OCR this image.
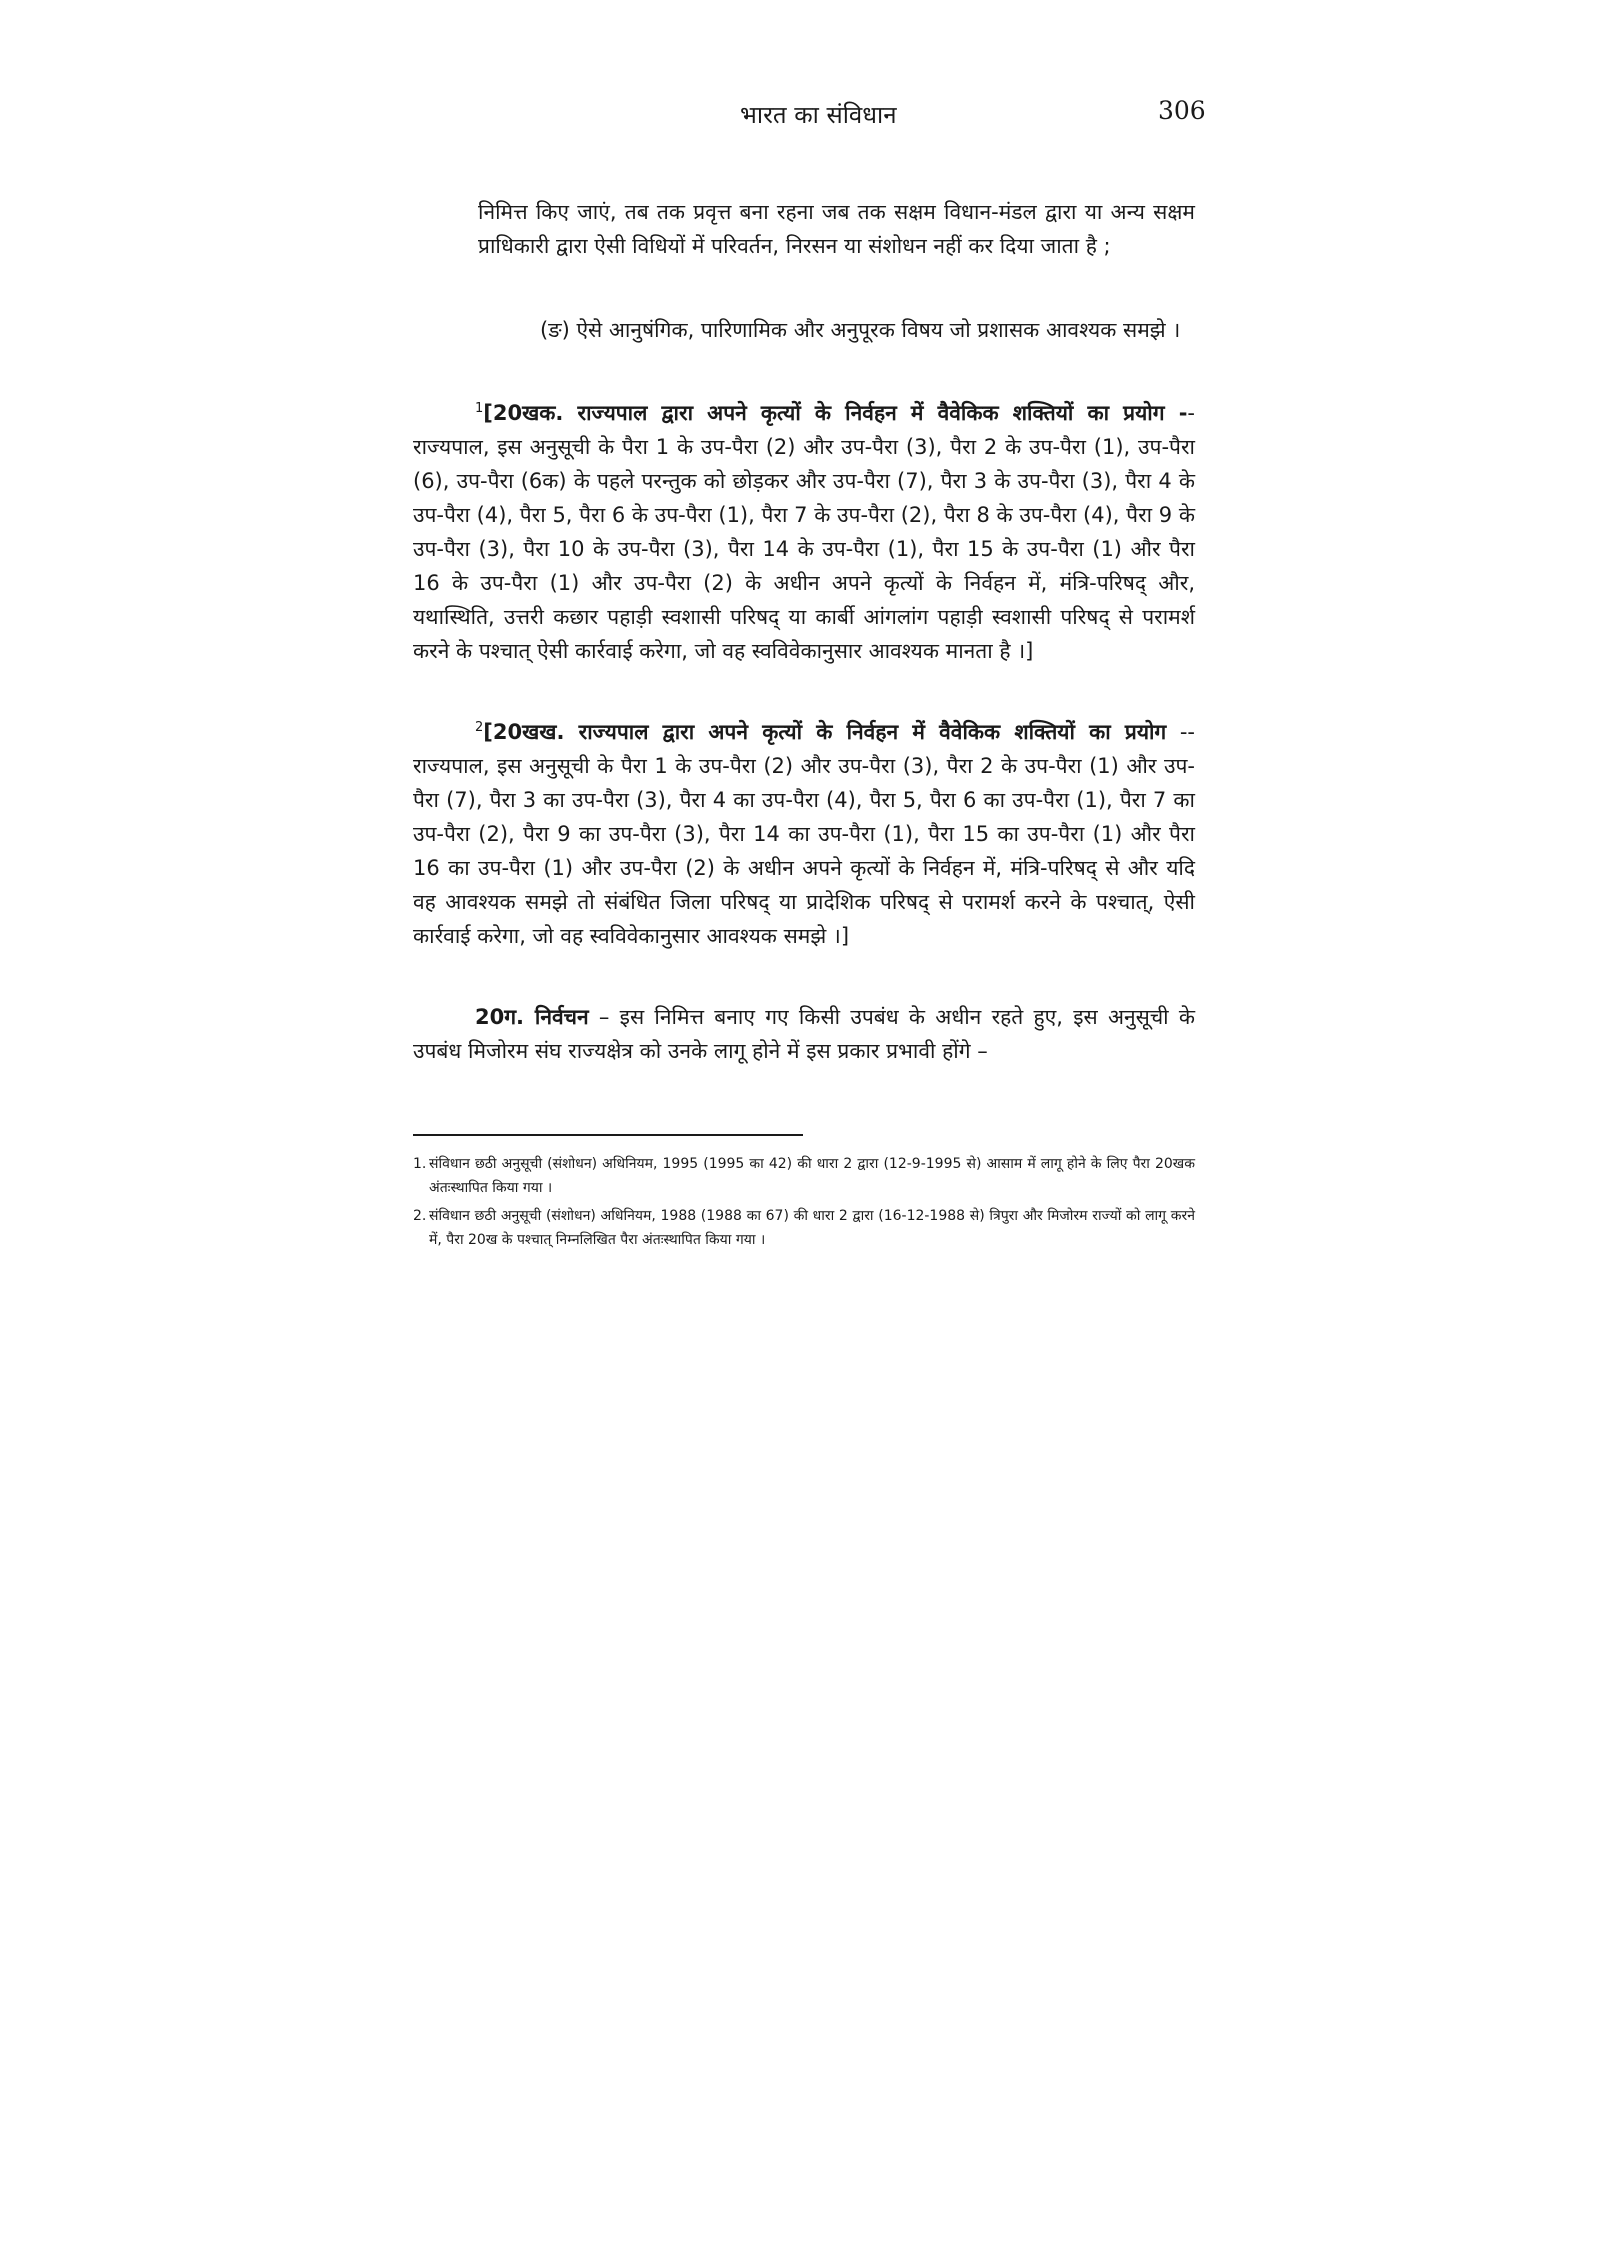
भारत का संविधान	306

निमित्त किए जाएं, तब तक प्रवृत्त बना रहना जब तक सक्षम विधान-मंडल द्वारा या अन्य सक्षम प्राधिकारी द्वारा ऐसी विधियों में परिवर्तन, निरसन या संशोधन नहीं कर दिया जाता है ;

(ङ) ऐसे आनुषंगिक, पारिणामिक और अनुपूरक विषय जो प्रशासक आवश्यक समझे ।

$^1$[20खक. राज्यपाल द्वारा अपने कृत्यों के निर्वहन में वैवेकिक शक्तियों का प्रयोग -- राज्यपाल, इस अनुसूची के पैरा 1 के उप-पैरा (2) और उप-पैरा (3), पैरा 2 के उप-पैरा (1), उप-पैरा (6), उप-पैरा (6क) के पहले परन्तुक को छोड़कर और उप-पैरा (7), पैरा 3 के उप-पैरा (3), पैरा 4 के उप-पैरा (4), पैरा 5, पैरा 6 के उप-पैरा (1), पैरा 7 के उप-पैरा (2), पैरा 8 के उप-पैरा (4), पैरा 9 के उप-पैरा (3), पैरा 10 के उप-पैरा (3), पैरा 14 के उप-पैरा (1), पैरा 15 के उप-पैरा (1) और पैरा 16 के उप-पैरा (1) और उप-पैरा (2) के अधीन अपने कृत्यों के निर्वहन में, मंत्रि-परिषद् और, यथास्थिति, उत्तरी कछार पहाड़ी स्वशासी परिषद् या कार्बी आंगलांग पहाड़ी स्वशासी परिषद् से परामर्श करने के पश्चात् ऐसी कार्रवाई करेगा, जो वह स्वविवेकानुसार आवश्यक मानता है ।]

$^2$[20खख. राज्यपाल द्वारा अपने कृत्यों के निर्वहन में वैवेकिक शक्तियों का प्रयोग -- राज्यपाल, इस अनुसूची के पैरा 1 के उप-पैरा (2) और उप-पैरा (3), पैरा 2 के उप-पैरा (1) और उप-पैरा (7), पैरा 3 का उप-पैरा (3), पैरा 4 का उप-पैरा (4), पैरा 5, पैरा 6 का उप-पैरा (1), पैरा 7 का उप-पैरा (2), पैरा 9 का उप-पैरा (3), पैरा 14 का उप-पैरा (1), पैरा 15 का उप-पैरा (1) और पैरा 16 का उप-पैरा (1) और उप-पैरा (2) के अधीन अपने कृत्यों के निर्वहन में, मंत्रि-परिषद् से और यदि वह आवश्यक समझे तो संबंधित जिला परिषद् या प्रादेशिक परिषद् से परामर्श करने के पश्चात्, ऐसी कार्रवाई करेगा, जो वह स्वविवेकानुसार आवश्यक समझे ।]

20ग. निर्वचन – इस निमित्त बनाए गए किसी उपबंध के अधीन रहते हुए, इस अनुसूची के उपबंध मिजोरम संघ राज्यक्षेत्र को उनके लागू होने में इस प्रकार प्रभावी होंगे –

1. संविधान छठी अनुसूची (संशोधन) अधिनियम, 1995 (1995 का 42) की धारा 2 द्वारा (12-9-1995 से) आसाम में लागू होने के लिए पैरा 20खक अंतःस्थापित किया गया ।
2. संविधान छठी अनुसूची (संशोधन) अधिनियम, 1988 (1988 का 67) की धारा 2 द्वारा (16-12-1988 से) त्रिपुरा और मिजोरम राज्यों को लागू करने में, पैरा 20ख के पश्चात् निम्नलिखित पैरा अंतःस्थापित किया गया ।
